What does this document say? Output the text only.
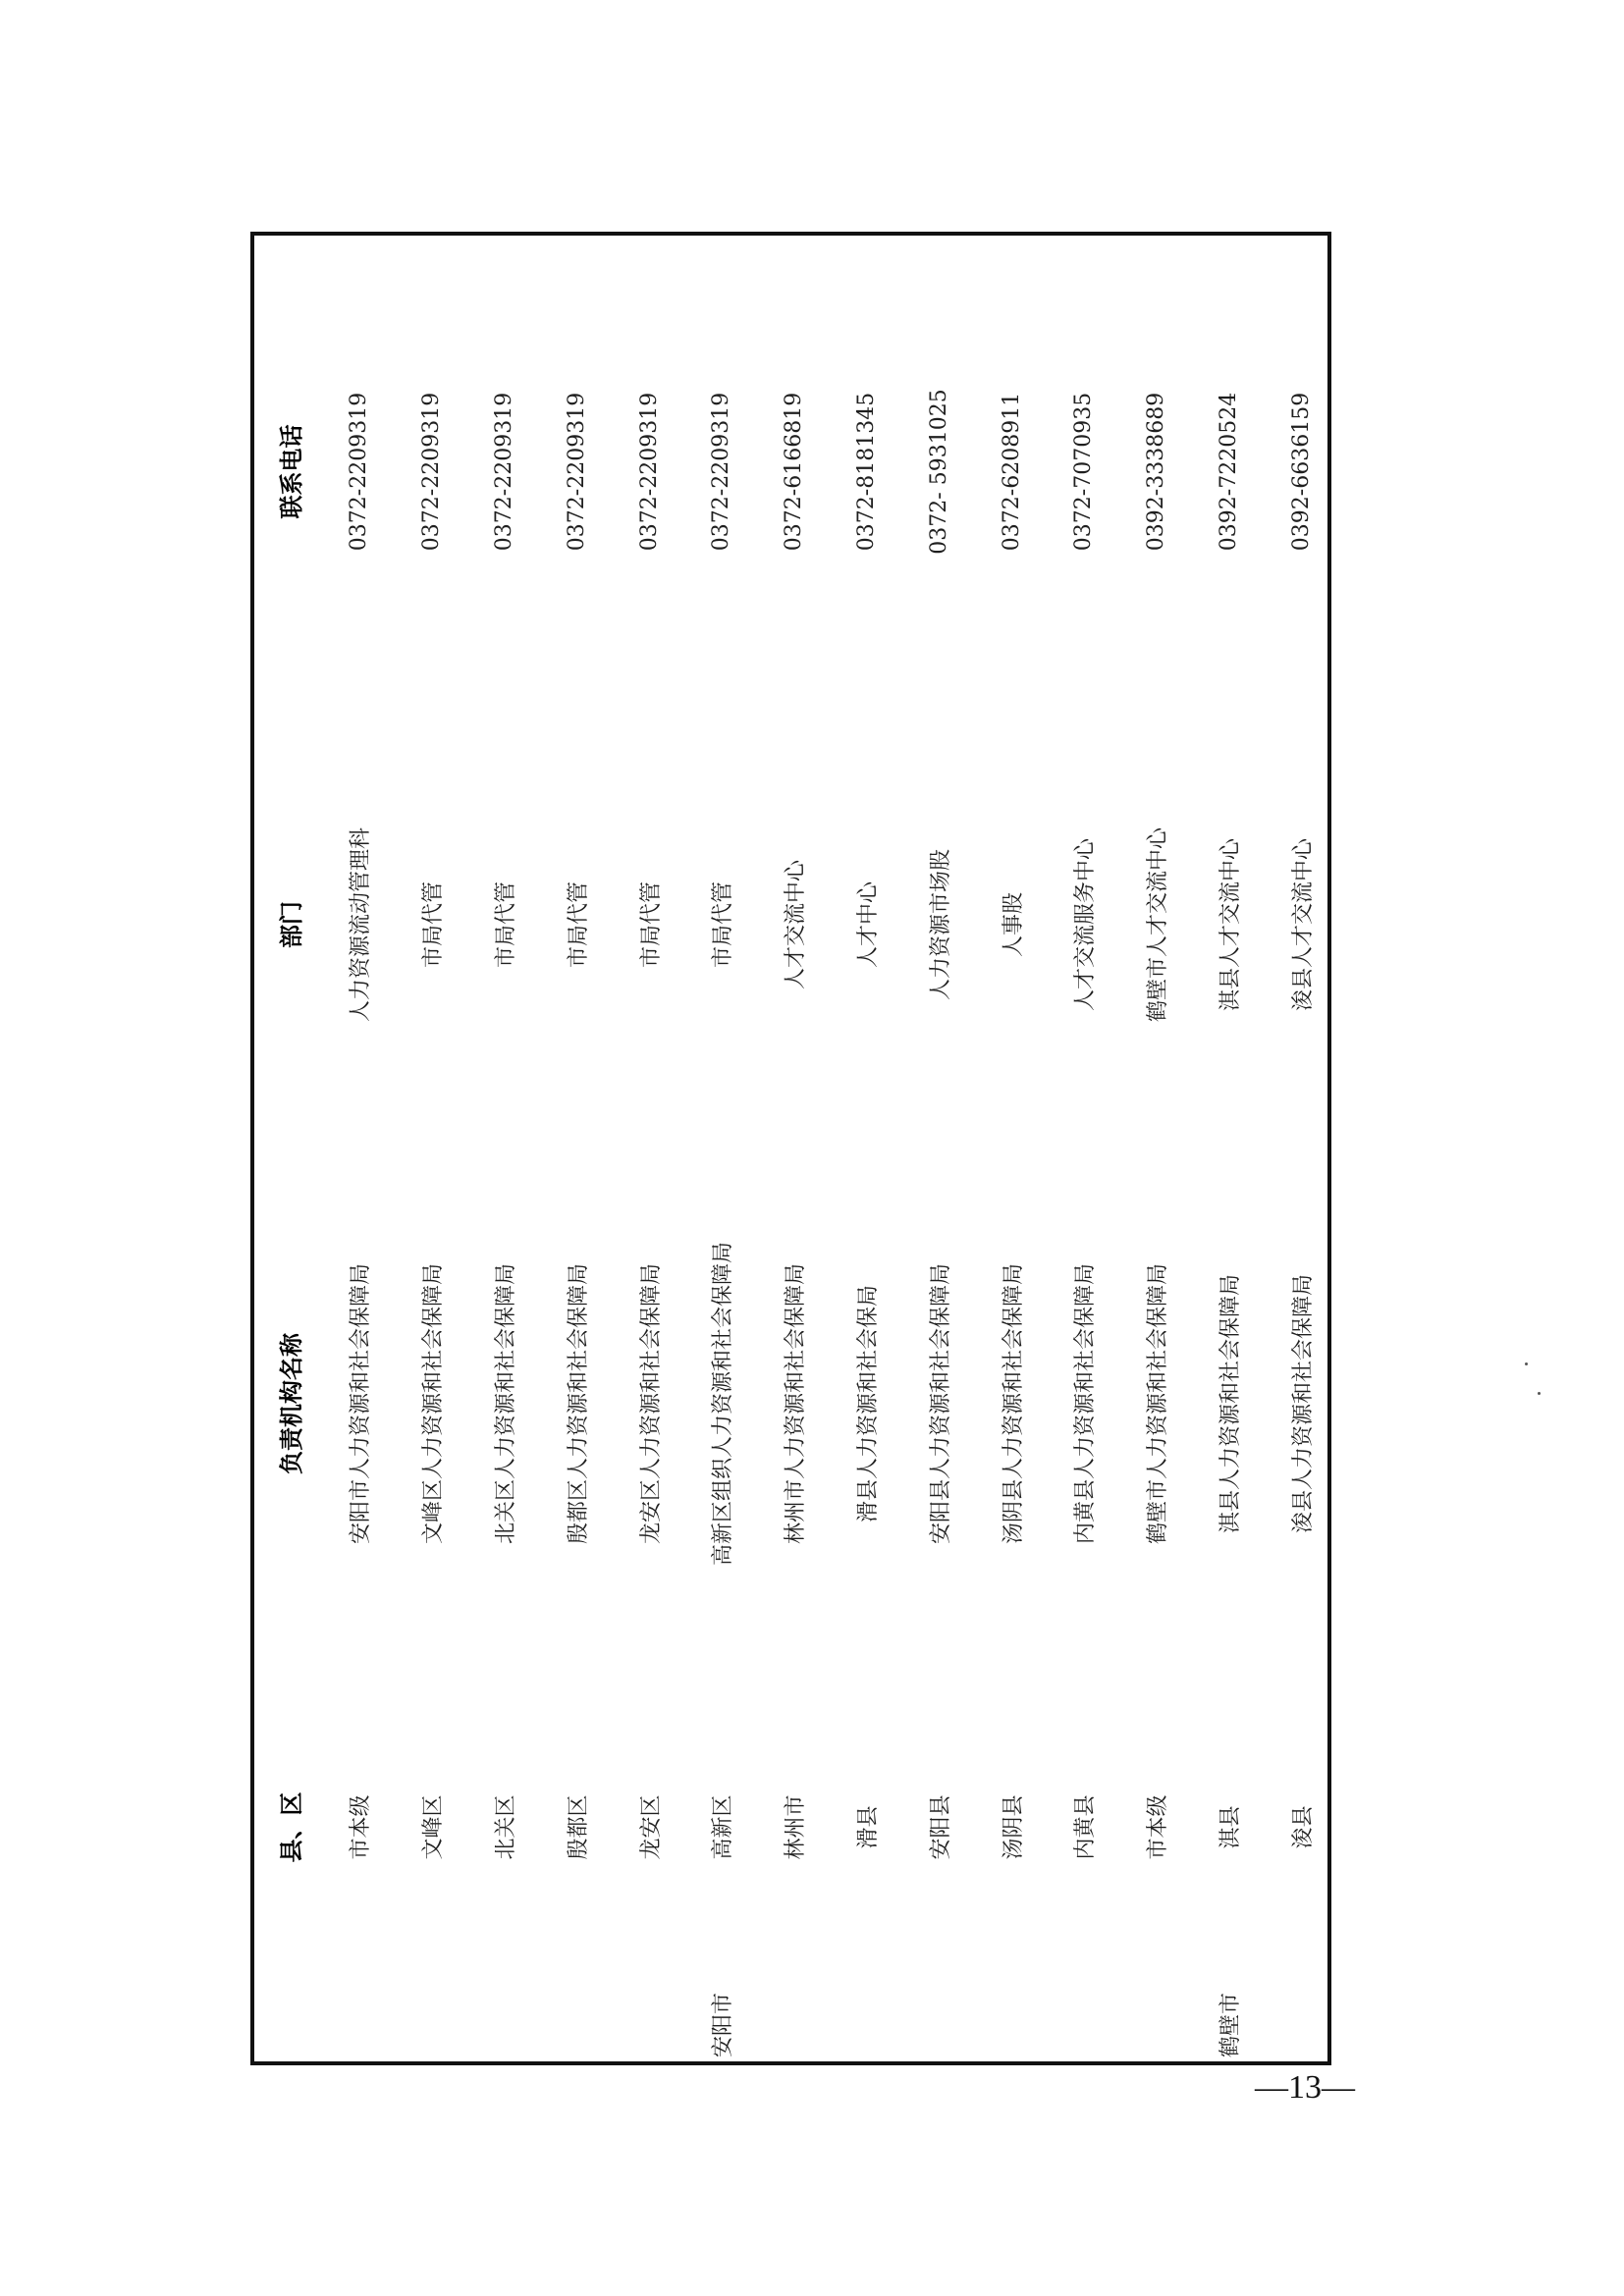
县、区
负责机构名称
部门
联系电话
安阳市	鹤壁市
市本级
安阳市人力资源和社会保障局
人力资源流动管理科
0372-2209319
文峰区
文峰区人力资源和社会保障局
市局代管
0372-2209319
北关区
北关区人力资源和社会保障局
市局代管
0372-2209319
殷都区
殷都区人力资源和社会保障局
市局代管
0372-2209319
龙安区
龙安区人力资源和社会保障局
市局代管
0372-2209319
高新区
高新区组织人力资源和社会保障局
市局代管
0372-2209319
林州市
林州市人力资源和社会保障局
人才交流中心
0372-6166819
滑县
滑县人力资源和社会保局
人才中心
0372-8181345
安阳县
安阳县人力资源和社会保障局
人力资源市场股
0372- 5931025
汤阴县
汤阴县人力资源和社会保障局
人事股
0372-6208911
内黄县
内黄县人力资源和社会保障局
人才交流服务中心
0372-7070935
市本级
鹤壁市人力资源和社会保障局
鹤壁市人才交流中心
0392-3338689
淇县
淇县人力资源和社会保障局
淇县人才交流中心
0392-7220524
浚县
浚县人力资源和社会保障局
浚县人才交流中心
0392-6636159
—13—
